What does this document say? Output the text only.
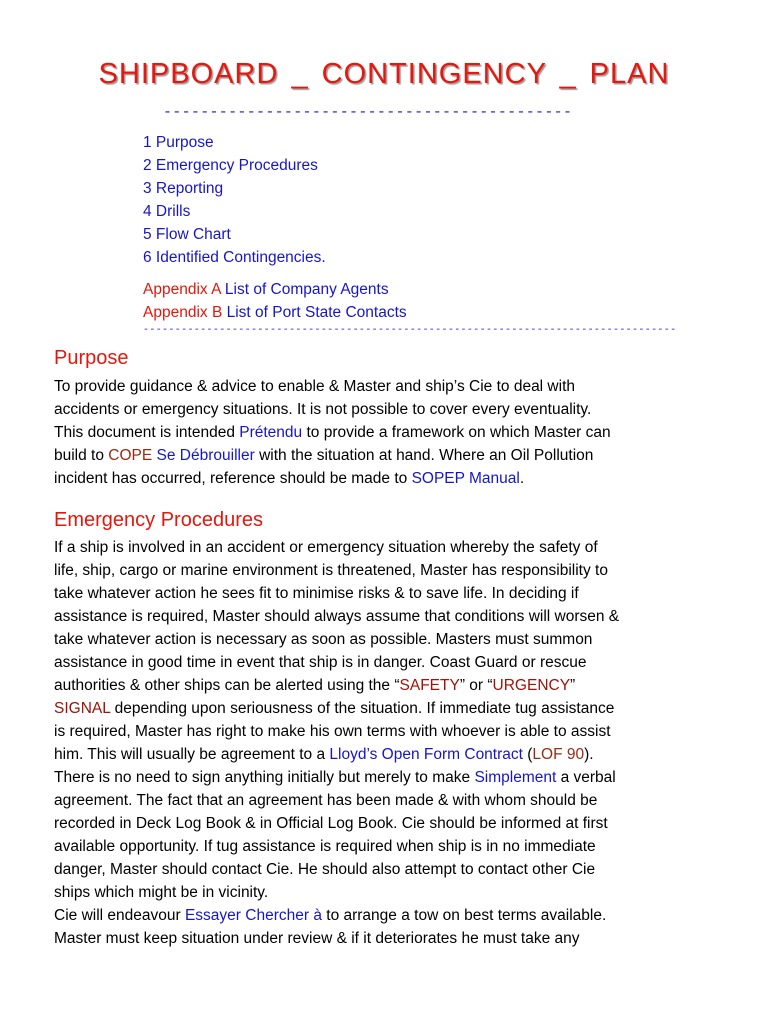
SHIPBOARD _ CONTINGENCY _ PLAN
--------------------------------------------
1 Purpose
2 Emergency Procedures
3 Reporting
4 Drills
5 Flow Chart
6 Identified Contingencies.
Appendix A List of Company Agents
Appendix B List of Port State Contacts
------------------------------------------------------------------------------------
Purpose
To provide guidance & advice to enable & Master and ship’s Cie to deal with
accidents or emergency situations. It is not possible to cover every eventuality.
This document is intended Prétendu to provide a framework on which Master can
build to COPE Se Débrouiller with the situation at hand. Where an Oil Pollution
incident has occurred, reference should be made to SOPEP Manual.
Emergency Procedures
If a ship is involved in an accident or emergency situation whereby the safety of
life, ship, cargo or marine environment is threatened, Master has responsibility to
take whatever action he sees fit to minimise risks & to save life. In deciding if
assistance is required, Master should always assume that conditions will worsen &
take whatever action is necessary as soon as possible. Masters must summon
assistance in good time in event that ship is in danger. Coast Guard or rescue
authorities & other ships can be alerted using the “SAFETY” or “URGENCY”
SIGNAL depending upon seriousness of the situation. If immediate tug assistance
is required, Master has right to make his own terms with whoever is able to assist
him. This will usually be agreement to a Lloyd’s Open Form Contract (LOF 90).
There is no need to sign anything initially but merely to make Simplement a verbal
agreement. The fact that an agreement has been made & with whom should be
recorded in Deck Log Book & in Official Log Book. Cie should be informed at first
available opportunity. If tug assistance is required when ship is in no immediate
danger, Master should contact Cie. He should also attempt to contact other Cie
ships which might be in vicinity.
Cie will endeavour Essayer Chercher à to arrange a tow on best terms available.
Master must keep situation under review & if it deteriorates he must take any
